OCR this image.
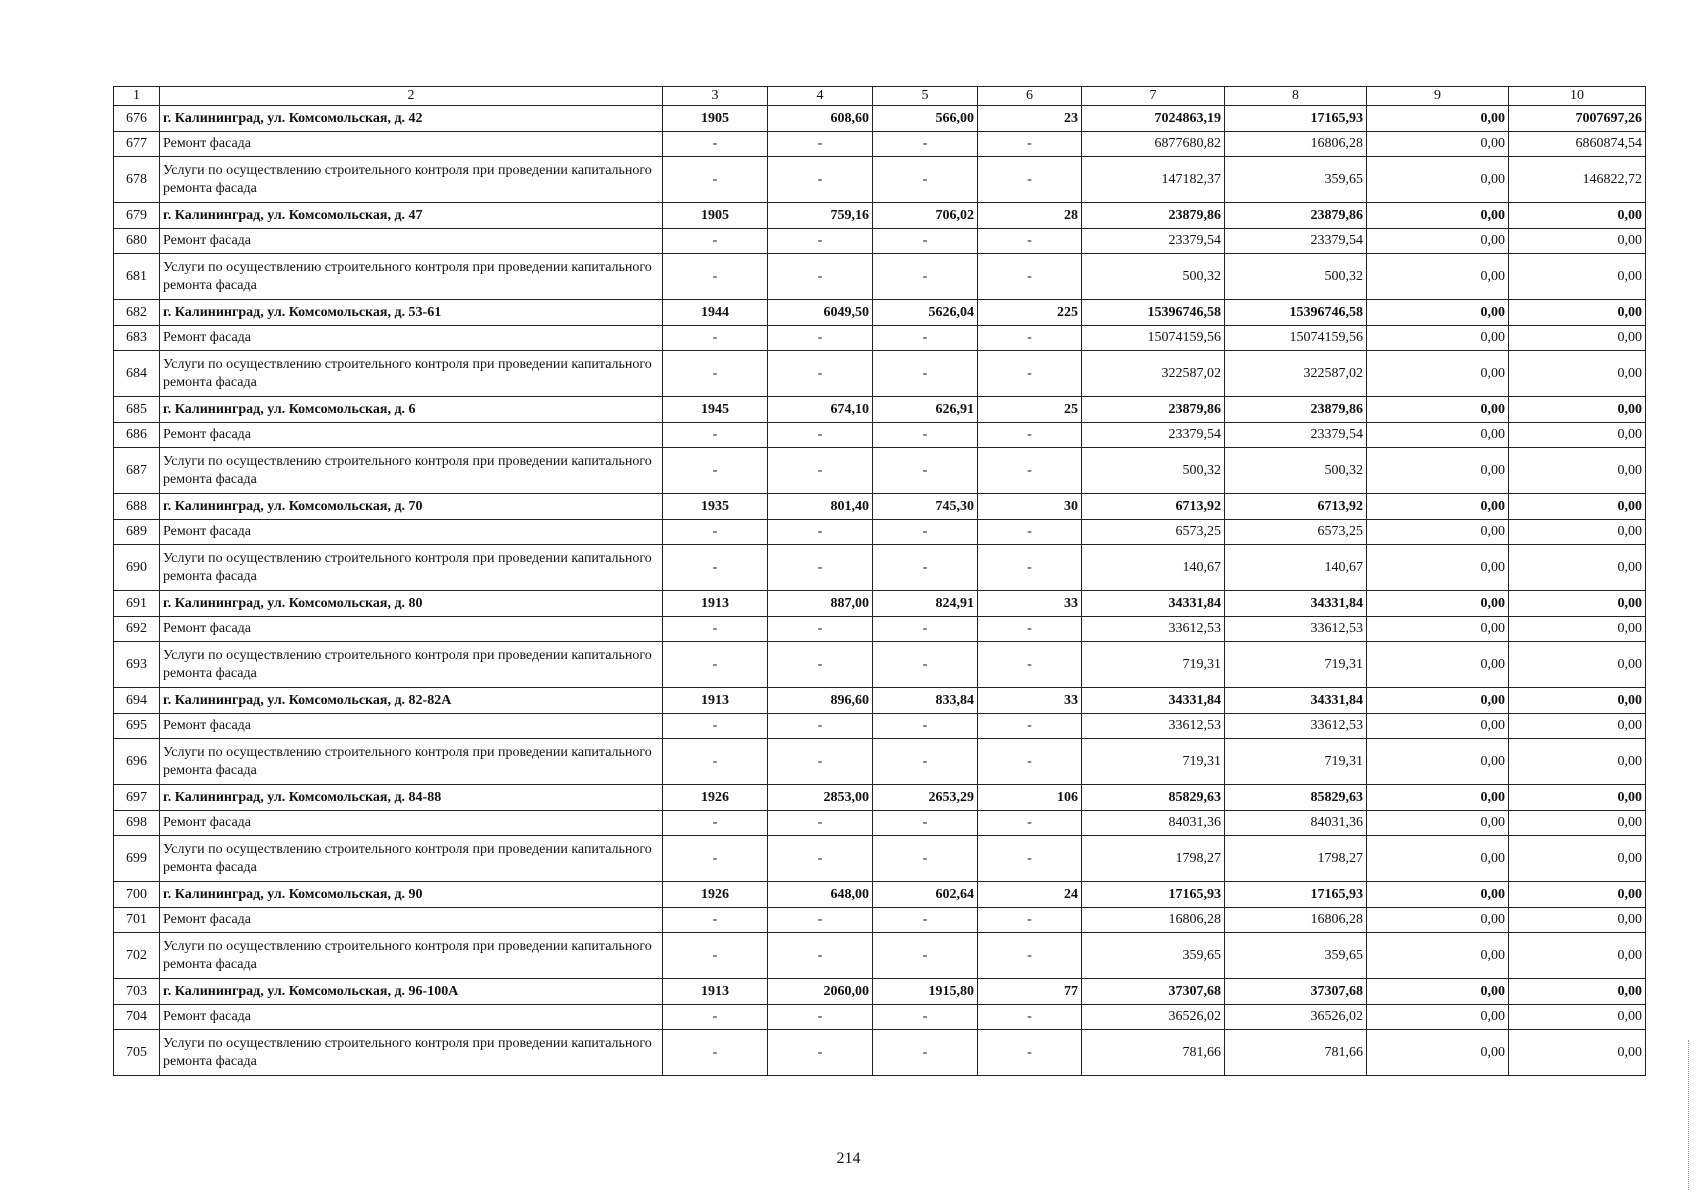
1	2	3	4	5	6	7	8	9	10
676	г. Калининград, ул. Комсомольская, д. 42	1905	608,60	566,00	23	7024863,19	17165,93	0,00	7007697,26
677	Ремонт фасада	-	-	-	-	6877680,82	16806,28	0,00	6860874,54
678	Услуги по осуществлению строительного контроля при проведении капитального ремонта фасада	-	-	-	-	147182,37	359,65	0,00	146822,72
679	г. Калининград, ул. Комсомольская, д. 47	1905	759,16	706,02	28	23879,86	23879,86	0,00	0,00
680	Ремонт фасада	-	-	-	-	23379,54	23379,54	0,00	0,00
681	Услуги по осуществлению строительного контроля при проведении капитального ремонта фасада	-	-	-	-	500,32	500,32	0,00	0,00
682	г. Калининград, ул. Комсомольская, д. 53-61	1944	6049,50	5626,04	225	15396746,58	15396746,58	0,00	0,00
683	Ремонт фасада	-	-	-	-	15074159,56	15074159,56	0,00	0,00
684	Услуги по осуществлению строительного контроля при проведении капитального ремонта фасада	-	-	-	-	322587,02	322587,02	0,00	0,00
685	г. Калининград, ул. Комсомольская, д. 6	1945	674,10	626,91	25	23879,86	23879,86	0,00	0,00
686	Ремонт фасада	-	-	-	-	23379,54	23379,54	0,00	0,00
687	Услуги по осуществлению строительного контроля при проведении капитального ремонта фасада	-	-	-	-	500,32	500,32	0,00	0,00
688	г. Калининград, ул. Комсомольская, д. 70	1935	801,40	745,30	30	6713,92	6713,92	0,00	0,00
689	Ремонт фасада	-	-	-	-	6573,25	6573,25	0,00	0,00
690	Услуги по осуществлению строительного контроля при проведении капитального ремонта фасада	-	-	-	-	140,67	140,67	0,00	0,00
691	г. Калининград, ул. Комсомольская, д. 80	1913	887,00	824,91	33	34331,84	34331,84	0,00	0,00
692	Ремонт фасада	-	-	-	-	33612,53	33612,53	0,00	0,00
693	Услуги по осуществлению строительного контроля при проведении капитального ремонта фасада	-	-	-	-	719,31	719,31	0,00	0,00
694	г. Калининград, ул. Комсомольская, д. 82-82А	1913	896,60	833,84	33	34331,84	34331,84	0,00	0,00
695	Ремонт фасада	-	-	-	-	33612,53	33612,53	0,00	0,00
696	Услуги по осуществлению строительного контроля при проведении капитального ремонта фасада	-	-	-	-	719,31	719,31	0,00	0,00
697	г. Калининград, ул. Комсомольская, д. 84-88	1926	2853,00	2653,29	106	85829,63	85829,63	0,00	0,00
698	Ремонт фасада	-	-	-	-	84031,36	84031,36	0,00	0,00
699	Услуги по осуществлению строительного контроля при проведении капитального ремонта фасада	-	-	-	-	1798,27	1798,27	0,00	0,00
700	г. Калининград, ул. Комсомольская, д. 90	1926	648,00	602,64	24	17165,93	17165,93	0,00	0,00
701	Ремонт фасада	-	-	-	-	16806,28	16806,28	0,00	0,00
702	Услуги по осуществлению строительного контроля при проведении капитального ремонта фасада	-	-	-	-	359,65	359,65	0,00	0,00
703	г. Калининград, ул. Комсомольская, д. 96-100А	1913	2060,00	1915,80	77	37307,68	37307,68	0,00	0,00
704	Ремонт фасада	-	-	-	-	36526,02	36526,02	0,00	0,00
705	Услуги по осуществлению строительного контроля при проведении капитального ремонта фасада	-	-	-	-	781,66	781,66	0,00	0,00
214
